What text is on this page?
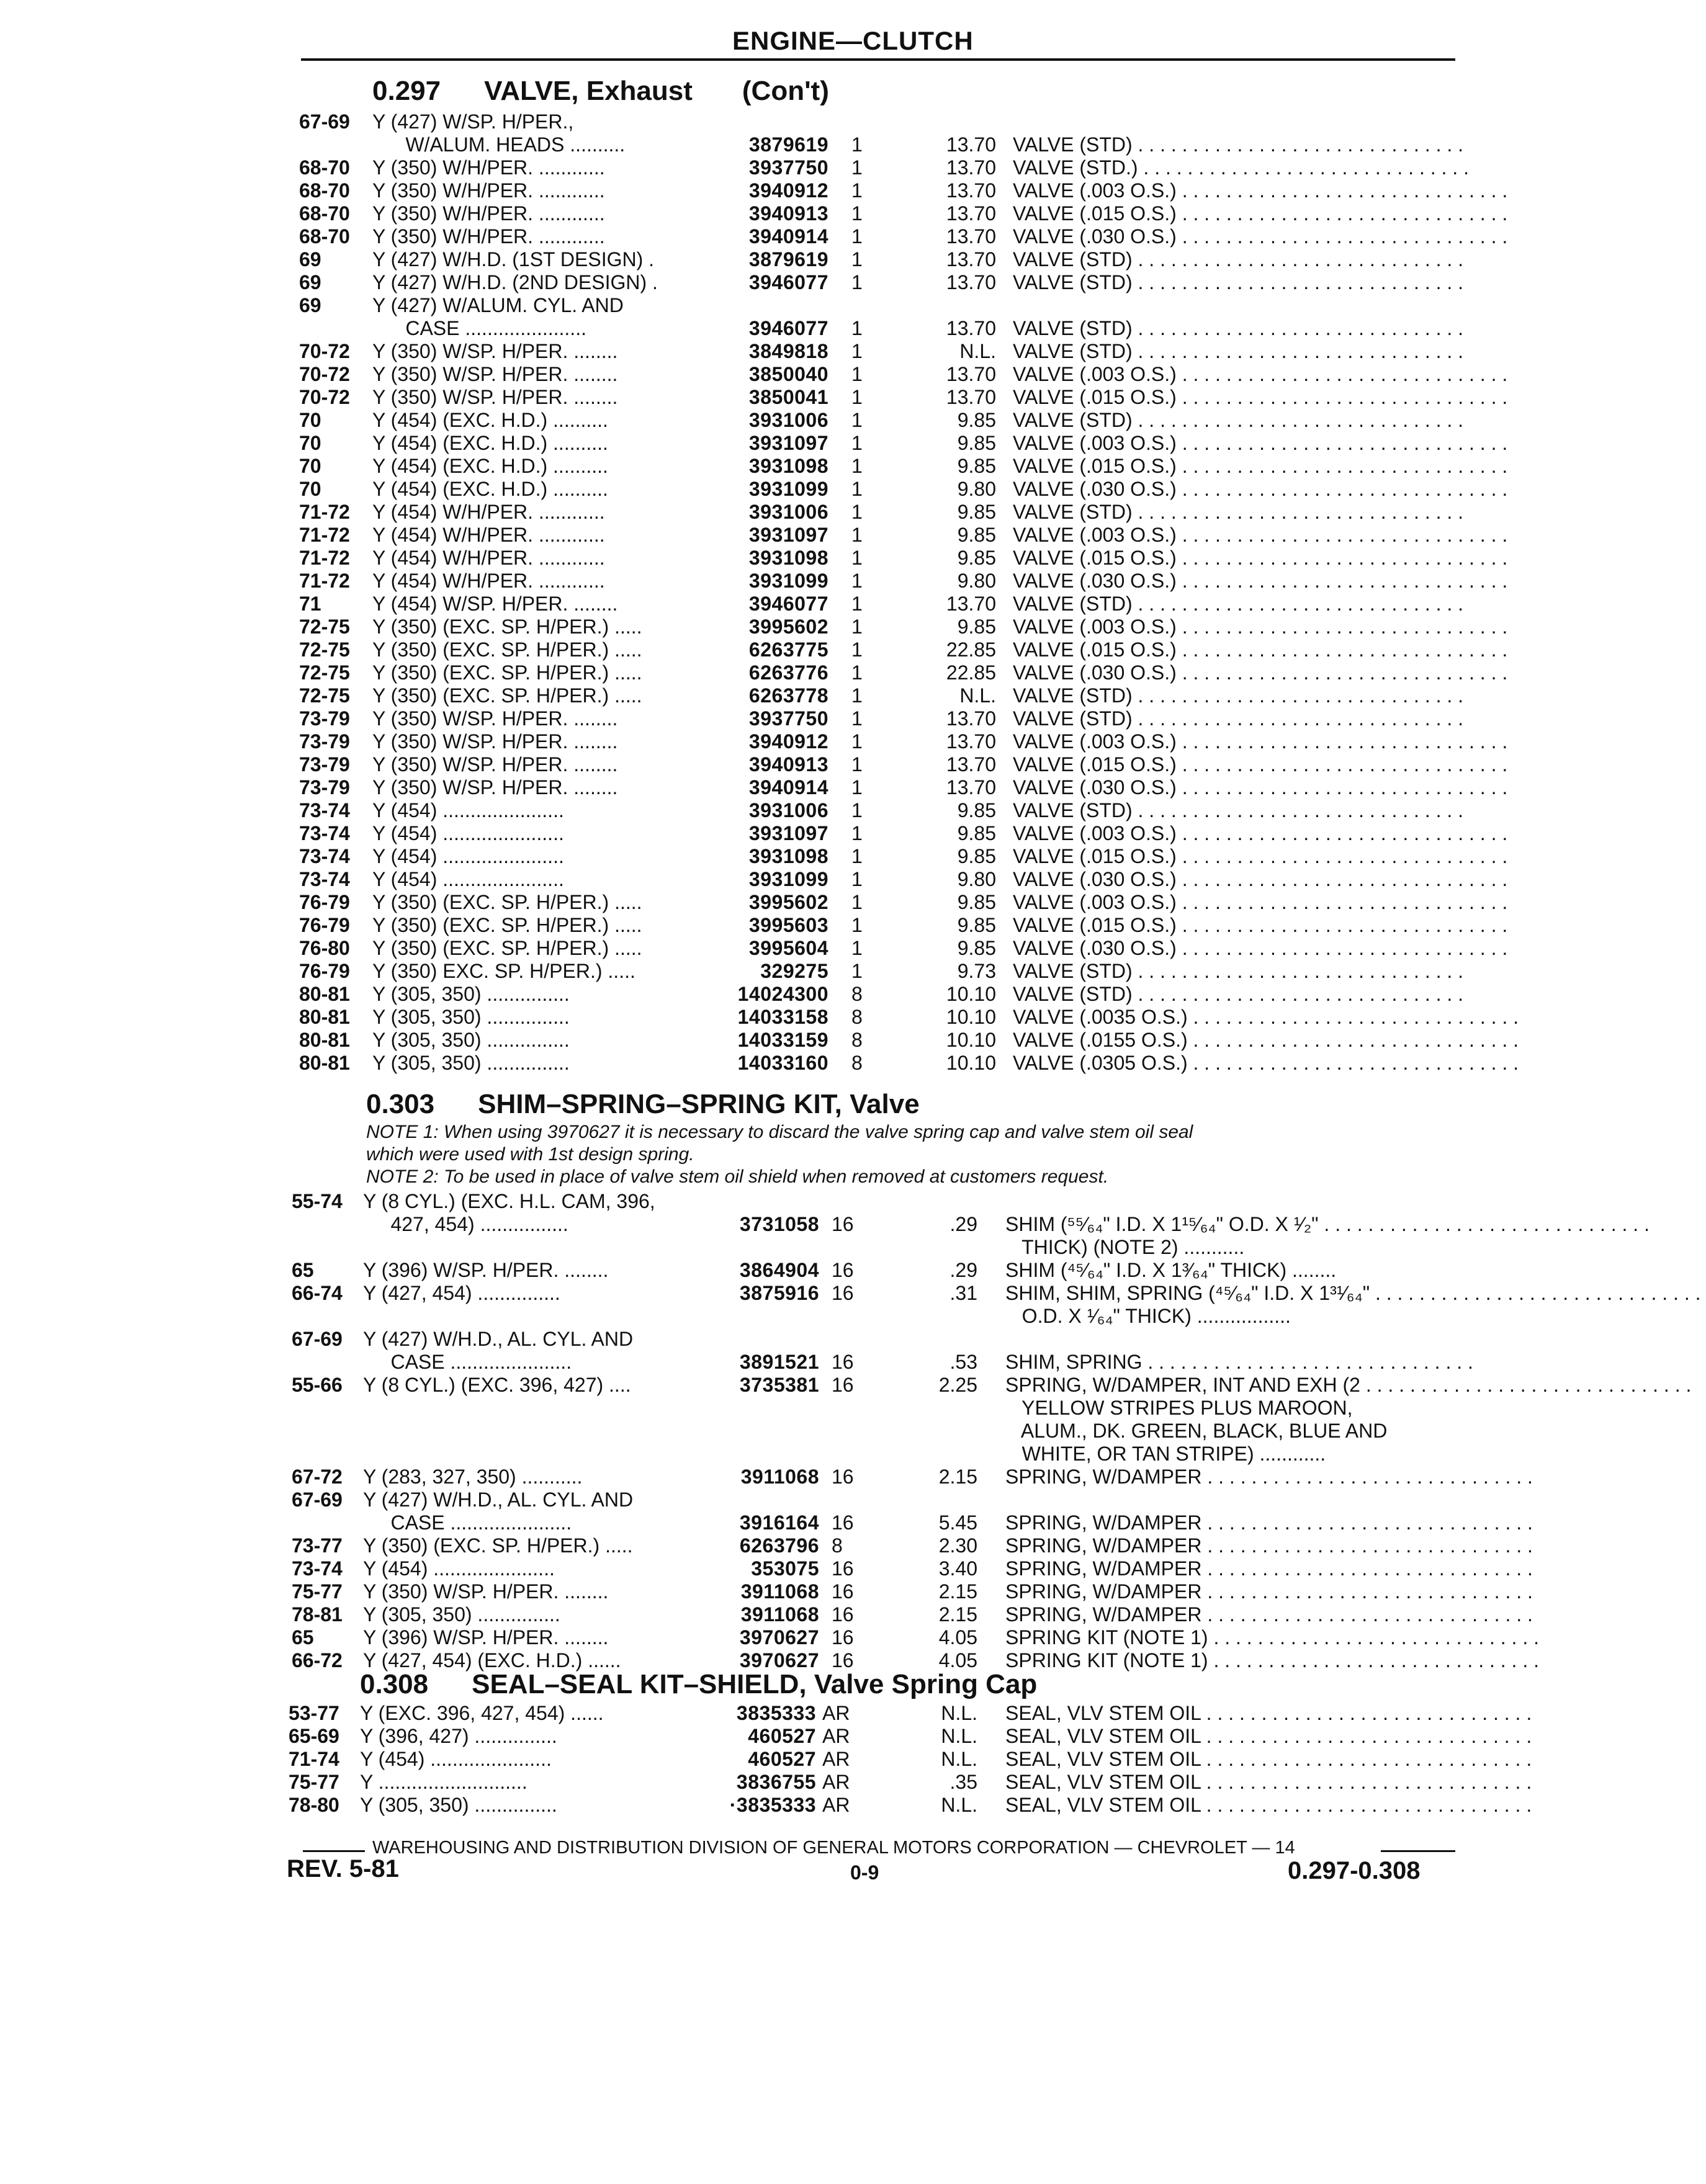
ENGINE—CLUTCH
0.297 VALVE, Exhaust (Con't)
67-69 Y (427) W/SP. H/PER.,
W/ALUM. HEADS ..........	3879619 1	13.70 VALVE (STD) . . . . . . . . . . . . . . . . . . . . . . . . . . . . . .
68-70 Y (350) W/H/PER. ............	3937750 1	13.70 VALVE (STD.) . . . . . . . . . . . . . . . . . . . . . . . . . . . . . .
68-70 Y (350) W/H/PER. ............	3940912 1	13.70 VALVE (.003 O.S.) . . . . . . . . . . . . . . . . . . . . . . . . . . . . . .
68-70 Y (350) W/H/PER. ............	3940913 1	13.70 VALVE (.015 O.S.) . . . . . . . . . . . . . . . . . . . . . . . . . . . . . .
68-70 Y (350) W/H/PER. ............	3940914 1	13.70 VALVE (.030 O.S.) . . . . . . . . . . . . . . . . . . . . . . . . . . . . . .
69	Y (427) W/H.D. (1ST DESIGN) .	3879619 1	13.70 VALVE (STD) . . . . . . . . . . . . . . . . . . . . . . . . . . . . . .
69	Y (427) W/H.D. (2ND DESIGN) .	3946077 1	13.70 VALVE (STD) . . . . . . . . . . . . . . . . . . . . . . . . . . . . . .
69	Y (427) W/ALUM. CYL. AND
CASE ......................	3946077 1	13.70 VALVE (STD) . . . . . . . . . . . . . . . . . . . . . . . . . . . . . .
70-72 Y (350) W/SP. H/PER. ........	3849818 1	N.L. VALVE (STD) . . . . . . . . . . . . . . . . . . . . . . . . . . . . . .
70-72 Y (350) W/SP. H/PER. ........	3850040 1	13.70 VALVE (.003 O.S.) . . . . . . . . . . . . . . . . . . . . . . . . . . . . . .
70-72 Y (350) W/SP. H/PER. ........	3850041 1	13.70 VALVE (.015 O.S.) . . . . . . . . . . . . . . . . . . . . . . . . . . . . . .
70	Y (454) (EXC. H.D.) ..........	3931006 1	9.85 VALVE (STD) . . . . . . . . . . . . . . . . . . . . . . . . . . . . . .
70	Y (454) (EXC. H.D.) ..........	3931097 1	9.85 VALVE (.003 O.S.) . . . . . . . . . . . . . . . . . . . . . . . . . . . . . .
70	Y (454) (EXC. H.D.) ..........	3931098 1	9.85 VALVE (.015 O.S.) . . . . . . . . . . . . . . . . . . . . . . . . . . . . . .
70	Y (454) (EXC. H.D.) ..........	3931099 1	9.80 VALVE (.030 O.S.) . . . . . . . . . . . . . . . . . . . . . . . . . . . . . .
71-72 Y (454) W/H/PER. ............	3931006 1	9.85 VALVE (STD) . . . . . . . . . . . . . . . . . . . . . . . . . . . . . .
71-72 Y (454) W/H/PER. ............	3931097 1	9.85 VALVE (.003 O.S.) . . . . . . . . . . . . . . . . . . . . . . . . . . . . . .
71-72 Y (454) W/H/PER. ............	3931098 1	9.85 VALVE (.015 O.S.) . . . . . . . . . . . . . . . . . . . . . . . . . . . . . .
71-72 Y (454) W/H/PER. ............	3931099 1	9.80 VALVE (.030 O.S.) . . . . . . . . . . . . . . . . . . . . . . . . . . . . . .
71	Y (454) W/SP. H/PER. ........	3946077 1	13.70 VALVE (STD) . . . . . . . . . . . . . . . . . . . . . . . . . . . . . .
72-75 Y (350) (EXC. SP. H/PER.) .....	3995602 1	9.85 VALVE (.003 O.S.) . . . . . . . . . . . . . . . . . . . . . . . . . . . . . .
72-75 Y (350) (EXC. SP. H/PER.) .....	6263775 1	22.85 VALVE (.015 O.S.) . . . . . . . . . . . . . . . . . . . . . . . . . . . . . .
72-75 Y (350) (EXC. SP. H/PER.) .....	6263776 1	22.85 VALVE (.030 O.S.) . . . . . . . . . . . . . . . . . . . . . . . . . . . . . .
72-75 Y (350) (EXC. SP. H/PER.) .....	6263778 1	N.L. VALVE (STD) . . . . . . . . . . . . . . . . . . . . . . . . . . . . . .
73-79 Y (350) W/SP. H/PER. ........	3937750 1	13.70 VALVE (STD) . . . . . . . . . . . . . . . . . . . . . . . . . . . . . .
73-79 Y (350) W/SP. H/PER. ........	3940912 1	13.70 VALVE (.003 O.S.) . . . . . . . . . . . . . . . . . . . . . . . . . . . . . .
73-79 Y (350) W/SP. H/PER. ........	3940913 1	13.70 VALVE (.015 O.S.) . . . . . . . . . . . . . . . . . . . . . . . . . . . . . .
73-79 Y (350) W/SP. H/PER. ........	3940914 1	13.70 VALVE (.030 O.S.) . . . . . . . . . . . . . . . . . . . . . . . . . . . . . .
73-74 Y (454) ......................	3931006 1	9.85 VALVE (STD) . . . . . . . . . . . . . . . . . . . . . . . . . . . . . .
73-74 Y (454) ......................	3931097 1	9.85 VALVE (.003 O.S.) . . . . . . . . . . . . . . . . . . . . . . . . . . . . . .
73-74 Y (454) ......................	3931098 1	9.85 VALVE (.015 O.S.) . . . . . . . . . . . . . . . . . . . . . . . . . . . . . .
73-74 Y (454) ......................	3931099 1	9.80 VALVE (.030 O.S.) . . . . . . . . . . . . . . . . . . . . . . . . . . . . . .
76-79 Y (350) (EXC. SP. H/PER.) .....	3995602 1	9.85 VALVE (.003 O.S.) . . . . . . . . . . . . . . . . . . . . . . . . . . . . . .
76-79 Y (350) (EXC. SP. H/PER.) .....	3995603 1	9.85 VALVE (.015 O.S.) . . . . . . . . . . . . . . . . . . . . . . . . . . . . . .
76-80 Y (350) (EXC. SP. H/PER.) .....	3995604 1	9.85 VALVE (.030 O.S.) . . . . . . . . . . . . . . . . . . . . . . . . . . . . . .
76-79 Y (350) EXC. SP. H/PER.) .....	329275 1	9.73 VALVE (STD) . . . . . . . . . . . . . . . . . . . . . . . . . . . . . .
80-81 Y (305, 350) ...............	14024300 8	10.10 VALVE (STD) . . . . . . . . . . . . . . . . . . . . . . . . . . . . . .
80-81 Y (305, 350) ...............	14033158 8	10.10 VALVE (.0035 O.S.) . . . . . . . . . . . . . . . . . . . . . . . . . . . . . .
80-81 Y (305, 350) ...............	14033159 8	10.10 VALVE (.0155 O.S.) . . . . . . . . . . . . . . . . . . . . . . . . . . . . . .
80-81 Y (305, 350) ...............	14033160 8	10.10 VALVE (.0305 O.S.) . . . . . . . . . . . . . . . . . . . . . . . . . . . . . .
0.303 SHIM–SPRING–SPRING KIT, Valve
NOTE 1: When using 3970627 it is necessary to discard the valve spring cap and valve stem oil seal
which were used with 1st design spring.
NOTE 2: To be used in place of valve stem oil shield when removed at customers request.
55-74 Y (8 CYL.) (EXC. H.L. CAM, 396,
427, 454) ................	3731058 16	.29 SHIM (⁵⁵⁄₆₄" I.D. X 1¹⁵⁄₆₄" O.D. X ¹⁄₂" . . . . . . . . . . . . . . . . . . . . . . . . . . . . . .
THICK) (NOTE 2) ...........
65 Y (396) W/SP. H/PER. ........	3864904 16	.29 SHIM (⁴⁵⁄₆₄" I.D. X 1³⁄₆₄" THICK) ........
66-74 Y (427, 454) ...............	3875916 16	.31 SHIM, SHIM, SPRING (⁴⁵⁄₆₄" I.D. X 1³¹⁄₆₄" . . . . . . . . . . . . . . . . . . . . . . . . . . . . . .
O.D. X ¹⁄₆₄" THICK) .................
67-69 Y (427) W/H.D., AL. CYL. AND
CASE ......................	3891521 16	.53 SHIM, SPRING . . . . . . . . . . . . . . . . . . . . . . . . . . . . . .
55-66 Y (8 CYL.) (EXC. 396, 427) ....	3735381 16	2.25 SPRING, W/DAMPER, INT AND EXH (2 . . . . . . . . . . . . . . . . . . . . . . . . . . . . . .
YELLOW STRIPES PLUS MAROON,
ALUM., DK. GREEN, BLACK, BLUE AND
WHITE, OR TAN STRIPE) ............
67-72 Y (283, 327, 350) ...........	3911068 16	2.15 SPRING, W/DAMPER . . . . . . . . . . . . . . . . . . . . . . . . . . . . . .
67-69 Y (427) W/H.D., AL. CYL. AND
CASE ......................	3916164 16	5.45 SPRING, W/DAMPER . . . . . . . . . . . . . . . . . . . . . . . . . . . . . .
73-77 Y (350) (EXC. SP. H/PER.) .....	6263796 8	2.30 SPRING, W/DAMPER . . . . . . . . . . . . . . . . . . . . . . . . . . . . . .
73-74 Y (454) ......................	353075 16	3.40 SPRING, W/DAMPER . . . . . . . . . . . . . . . . . . . . . . . . . . . . . .
75-77 Y (350) W/SP. H/PER. ........	3911068 16	2.15 SPRING, W/DAMPER . . . . . . . . . . . . . . . . . . . . . . . . . . . . . .
78-81 Y (305, 350) ...............	3911068 16	2.15 SPRING, W/DAMPER . . . . . . . . . . . . . . . . . . . . . . . . . . . . . .
65 Y (396) W/SP. H/PER. ........	3970627 16	4.05 SPRING KIT (NOTE 1) . . . . . . . . . . . . . . . . . . . . . . . . . . . . . .
66-72 Y (427, 454) (EXC. H.D.) ......	3970627 16	4.05 SPRING KIT (NOTE 1) . . . . . . . . . . . . . . . . . . . . . . . . . . . . . .
0.308 SEAL–SEAL KIT–SHIELD, Valve Spring Cap
53-77 Y (EXC. 396, 427, 454) ......	3835333 AR	N.L. SEAL, VLV STEM OIL . . . . . . . . . . . . . . . . . . . . . . . . . . . . . .
65-69 Y (396, 427) ...............	460527 AR	N.L. SEAL, VLV STEM OIL . . . . . . . . . . . . . . . . . . . . . . . . . . . . . .
71-74 Y (454) ......................	460527 AR	N.L. SEAL, VLV STEM OIL . . . . . . . . . . . . . . . . . . . . . . . . . . . . . .
75-77 Y ...........................	3836755 AR	.35 SEAL, VLV STEM OIL . . . . . . . . . . . . . . . . . . . . . . . . . . . . . .
78-80 Y (305, 350) ...............	·3835333 AR	N.L. SEAL, VLV STEM OIL . . . . . . . . . . . . . . . . . . . . . . . . . . . . . .
WAREHOUSING AND DISTRIBUTION DIVISION OF GENERAL MOTORS CORPORATION — CHEVROLET — 14
REV. 5-81	0-9	0.297-0.308
